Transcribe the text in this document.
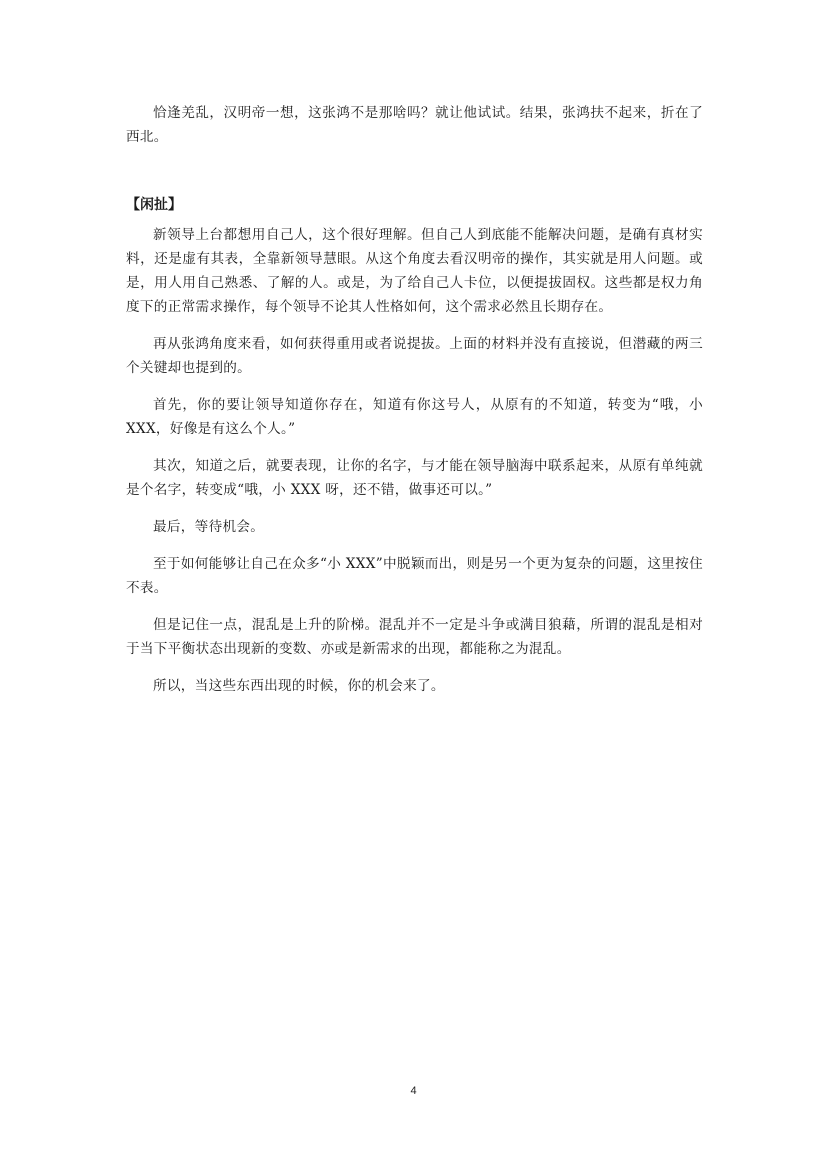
恰逢羌乱，汉明帝一想，这张鸿不是那啥吗？就让他试试。结果，张鸿扶不起来，折在了西北。

【闲扯】

新领导上台都想用自己人，这个很好理解。但自己人到底能不能解决问题，是确有真材实料，还是虚有其表，全靠新领导慧眼。从这个角度去看汉明帝的操作，其实就是用人问题。或是，用人用自己熟悉、了解的人。或是，为了给自己人卡位，以便提拔固权。这些都是权力角度下的正常需求操作，每个领导不论其人性格如何，这个需求必然且长期存在。

再从张鸿角度来看，如何获得重用或者说提拔。上面的材料并没有直接说，但潜藏的两三个关键却也提到的。

首先，你的要让领导知道你存在，知道有你这号人，从原有的不知道，转变为“哦，小XXX，好像是有这么个人。”

其次，知道之后，就要表现，让你的名字，与才能在领导脑海中联系起来，从原有单纯就是个名字，转变成“哦，小 XXX 呀，还不错，做事还可以。”

最后，等待机会。

至于如何能够让自己在众多“小 XXX”中脱颖而出，则是另一个更为复杂的问题，这里按住不表。

但是记住一点，混乱是上升的阶梯。混乱并不一定是斗争或满目狼藉，所谓的混乱是相对于当下平衡状态出现新的变数、亦或是新需求的出现，都能称之为混乱。

所以，当这些东西出现的时候，你的机会来了。

4
